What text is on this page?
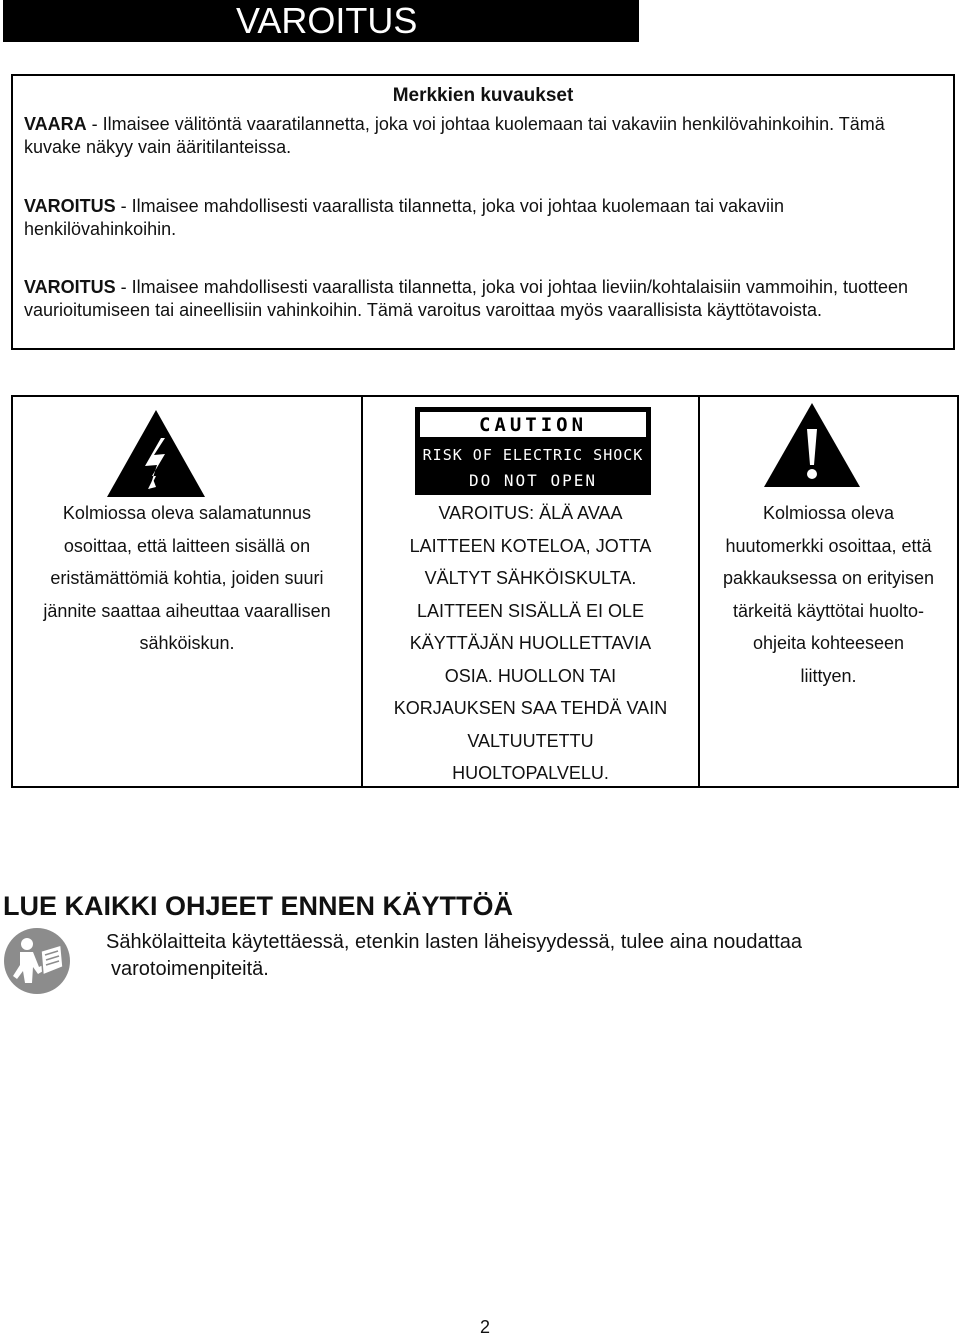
VAROITUS
Merkkien kuvaukset
VAARA - Ilmaisee välitöntä vaaratilannetta, joka voi johtaa kuolemaan tai vakaviin henkilövahinkoihin. Tämä kuvake näkyy vain ääritilanteissa.
VAROITUS - Ilmaisee mahdollisesti vaarallista tilannetta, joka voi johtaa kuolemaan tai vakaviin henkilövahinkoihin.
VAROITUS - Ilmaisee mahdollisesti vaarallista tilannetta, joka voi johtaa lieviin/kohtalaisiin vammoihin, tuotteen vaurioitumiseen tai aineellisiin vahinkoihin. Tämä varoitus varoittaa myös vaarallisista käyttötavoista.
Kolmiossa oleva salamatunnus
osoittaa, että laitteen sisällä on
eristämättömiä kohtia, joiden suuri
jännite saattaa aiheuttaa vaarallisen
sähköiskun.
CAUTION
RISK OF ELECTRIC SHOCK
DO NOT OPEN
VAROITUS: ÄLÄ AVAA
LAITTEEN KOTELOA, JOTTA
VÄLTYT SÄHKÖISKULTA.
LAITTEEN SISÄLLÄ EI OLE
KÄYTTÄJÄN HUOLLETTAVIA
OSIA. HUOLLON TAI
KORJAUKSEN SAA TEHDÄ VAIN
VALTUUTETTU
HUOLTOPALVELU.
Kolmiossa oleva
huutomerkki osoittaa, että
pakkauksessa on erityisen
tärkeitä käyttötai huolto-
ohjeita kohteeseen
liittyen.
LUE KAIKKI OHJEET ENNEN KÄYTTÖÄ
Sähkölaitteita käytettäessä, etenkin lasten läheisyydessä, tulee aina noudattaa
varotoimenpiteitä.
2
